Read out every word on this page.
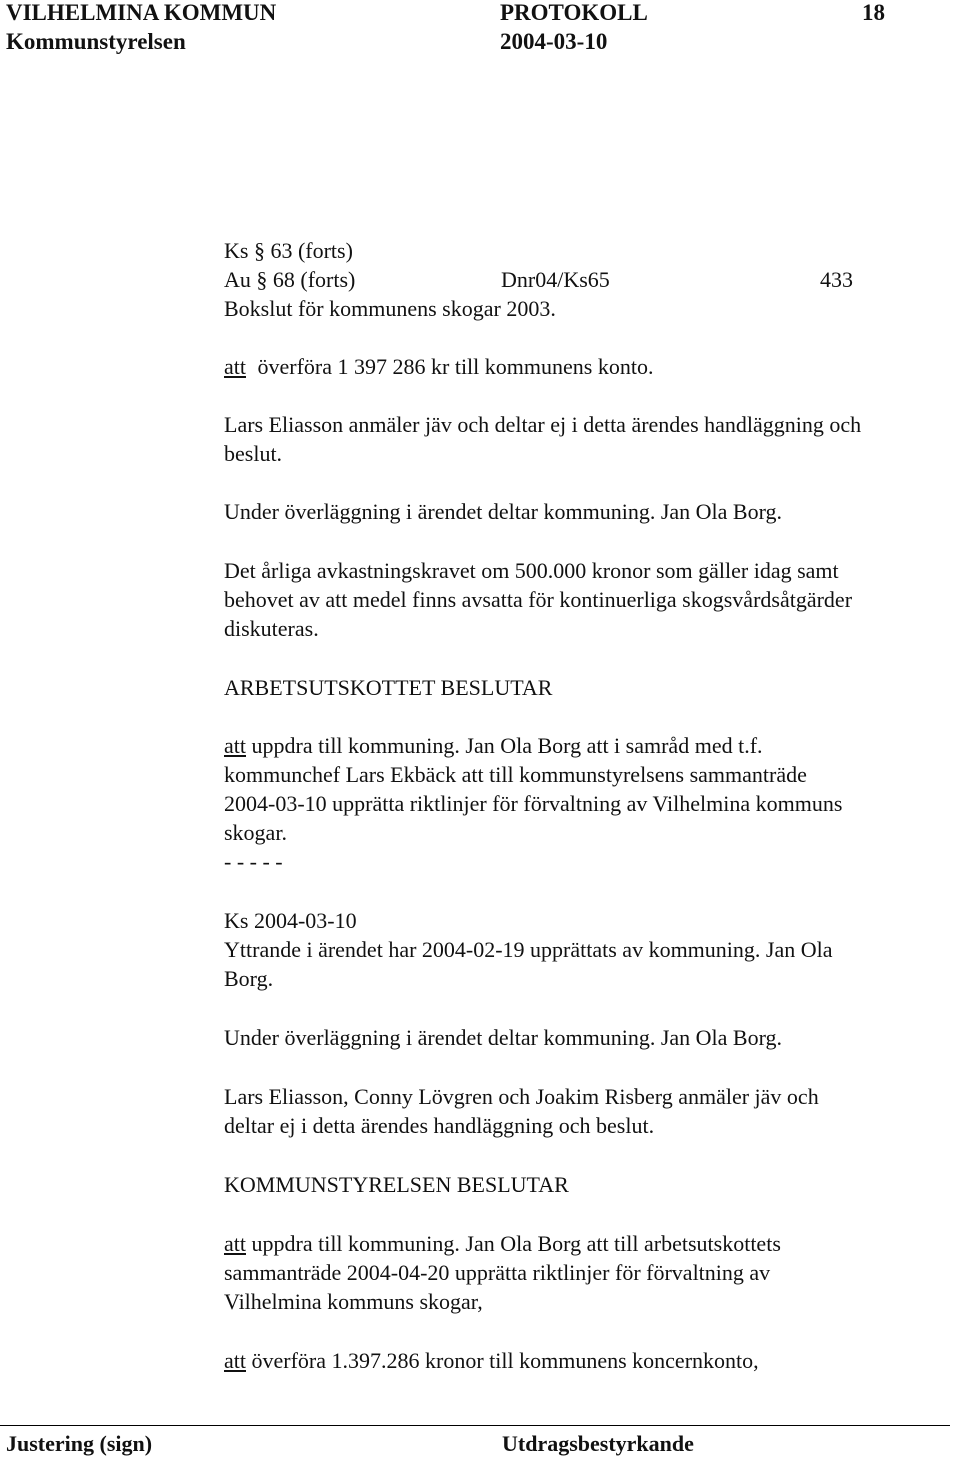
VILHELMINA KOMMUN	PROTOKOLL	18
Kommunstyrelsen	2004-03-10
Ks § 63 (forts)
Au § 68 (forts)	Dnr04/Ks65	433
Bokslut för kommunens skogar 2003.
att överföra 1 397 286 kr till kommunens konto.
Lars Eliasson anmäler jäv och deltar ej i detta ärendes handläggning och
beslut.
Under överläggning i ärendet deltar kommuning. Jan Ola Borg.
Det årliga avkastningskravet om 500.000 kronor som gäller idag samt
behovet av att medel finns avsatta för kontinuerliga skogsvårdsåtgärder
diskuteras.
ARBETSUTSKOTTET BESLUTAR
att uppdra till kommuning. Jan Ola Borg att i samråd med t.f.
kommunchef Lars Ekbäck att till kommunstyrelsens sammanträde
2004-03-10 upprätta riktlinjer för förvaltning av Vilhelmina kommuns
skogar.
- - - - -
Ks 2004-03-10
Yttrande i ärendet har 2004-02-19 upprättats av kommuning. Jan Ola
Borg.
Under överläggning i ärendet deltar kommuning. Jan Ola Borg.
Lars Eliasson, Conny Lövgren och Joakim Risberg anmäler jäv och
deltar ej i detta ärendes handläggning och beslut.
KOMMUNSTYRELSEN BESLUTAR
att uppdra till kommuning. Jan Ola Borg att till arbetsutskottets
sammanträde 2004-04-20 upprätta riktlinjer för förvaltning av
Vilhelmina kommuns skogar,
att överföra 1.397.286 kronor till kommunens koncernkonto,
Justering (sign)	Utdragsbestyrkande
